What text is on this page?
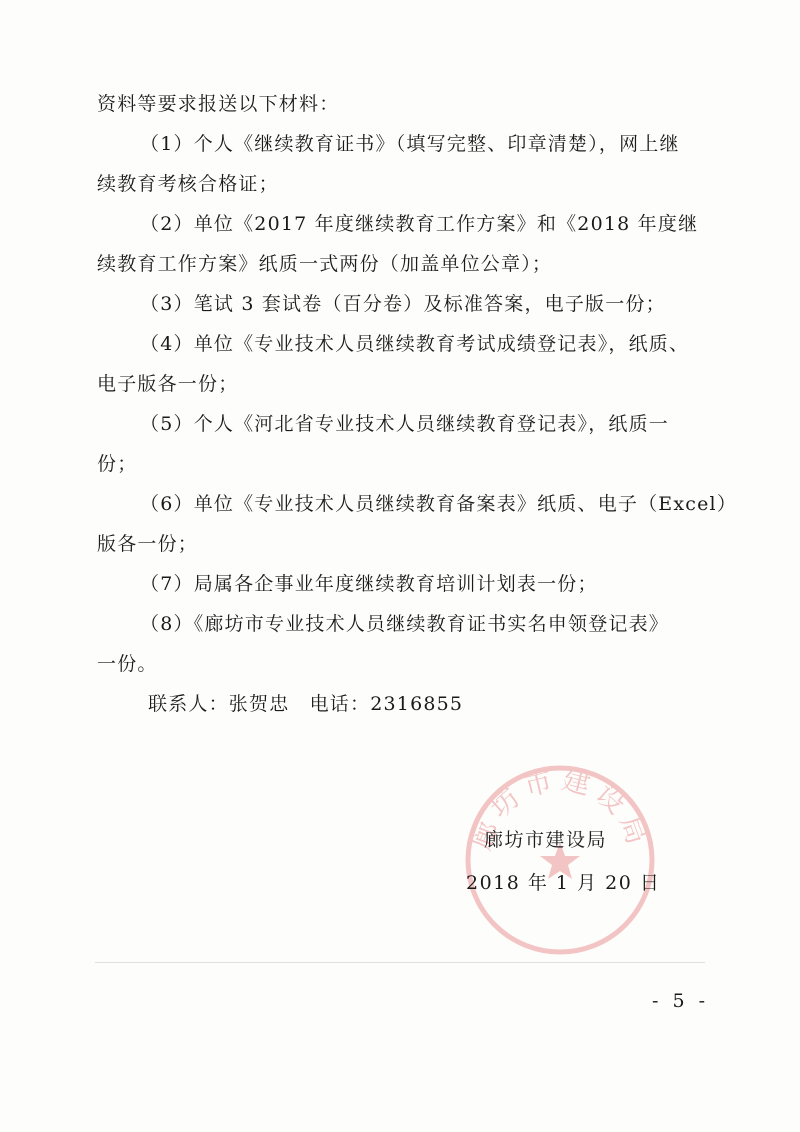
资料等要求报送以下材料：
（1）个人《继续教育证书》（填写完整、印章清楚），网上继
续教育考核合格证；
（2）单位《2017 年度继续教育工作方案》和《2018 年度继
续教育工作方案》纸质一式两份（加盖单位公章）；
（3）笔试 3 套试卷（百分卷）及标准答案，电子版一份；
（4）单位《专业技术人员继续教育考试成绩登记表》，纸质、
电子版各一份；
（5）个人《河北省专业技术人员继续教育登记表》，纸质一
份；
（6）单位《专业技术人员继续教育备案表》纸质、电子（Excel）
版各一份；
（7）局属各企事业年度继续教育培训计划表一份；
（8）《廊坊市专业技术人员继续教育证书实名申领登记表》
一份。
联系人：张贺忠　电话：2316855
廊坊市建设局
廊坊市建设局
2018 年 1 月 20 日
- 5 -
